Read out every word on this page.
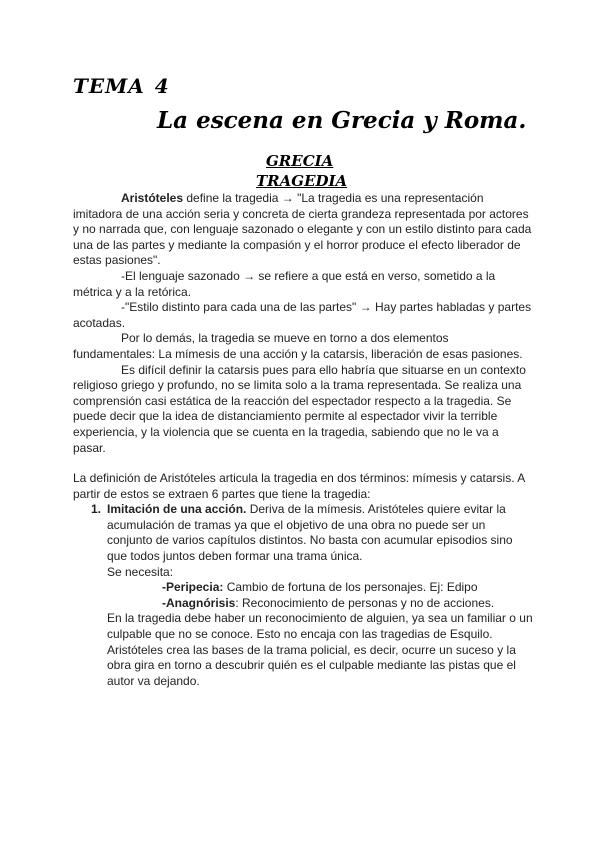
TEMA 4
La escena en Grecia y Roma.
GRECIA
TRAGEDIA

Aristóteles define la tragedia → "La tragedia es una representación imitadora de una acción seria y concreta de cierta grandeza representada por actores y no narrada que, con lenguaje sazonado o elegante y con un estilo distinto para cada una de las partes y mediante la compasión y el horror produce el efecto liberador de estas pasiones".

-El lenguaje sazonado → se refiere a que está en verso, sometido a la métrica y a la retórica.

-"Estilo distinto para cada una de las partes" → Hay partes habladas y partes acotadas.

Por lo demás, la tragedia se mueve en torno a dos elementos fundamentales: La mímesis de una acción y la catarsis, liberación de esas pasiones.

Es difícil definir la catarsis pues para ello habría que situarse en un contexto religioso griego y profundo, no se limita solo a la trama representada. Se realiza una comprensión casi estática de la reacción del espectador respecto a la tragedia. Se puede decir que la idea de distanciamiento permite al espectador vivir la terrible experiencia, y la violencia que se cuenta en la tragedia, sabiendo que no le va a pasar.

La definición de Aristóteles articula la tragedia en dos términos: mímesis y catarsis. A partir de estos se extraen 6 partes que tiene la tragedia:

1. Imitación de una acción. Deriva de la mímesis. Aristóteles quiere evitar la acumulación de tramas ya que el objetivo de una obra no puede ser un conjunto de varios capítulos distintos. No basta con acumular episodios sino que todos juntos deben formar una trama única.

Se necesita:

-Peripecia: Cambio de fortuna de los personajes. Ej: Edipo

-Anagnórisis: Reconocimiento de personas y no de acciones.

En la tragedia debe haber un reconocimiento de alguien, ya sea un familiar o un culpable que no se conoce. Esto no encaja con las tragedias de Esquilo. Aristóteles crea las bases de la trama policial, es decir, ocurre un suceso y la obra gira en torno a descubrir quién es el culpable mediante las pistas que el autor va dejando.
